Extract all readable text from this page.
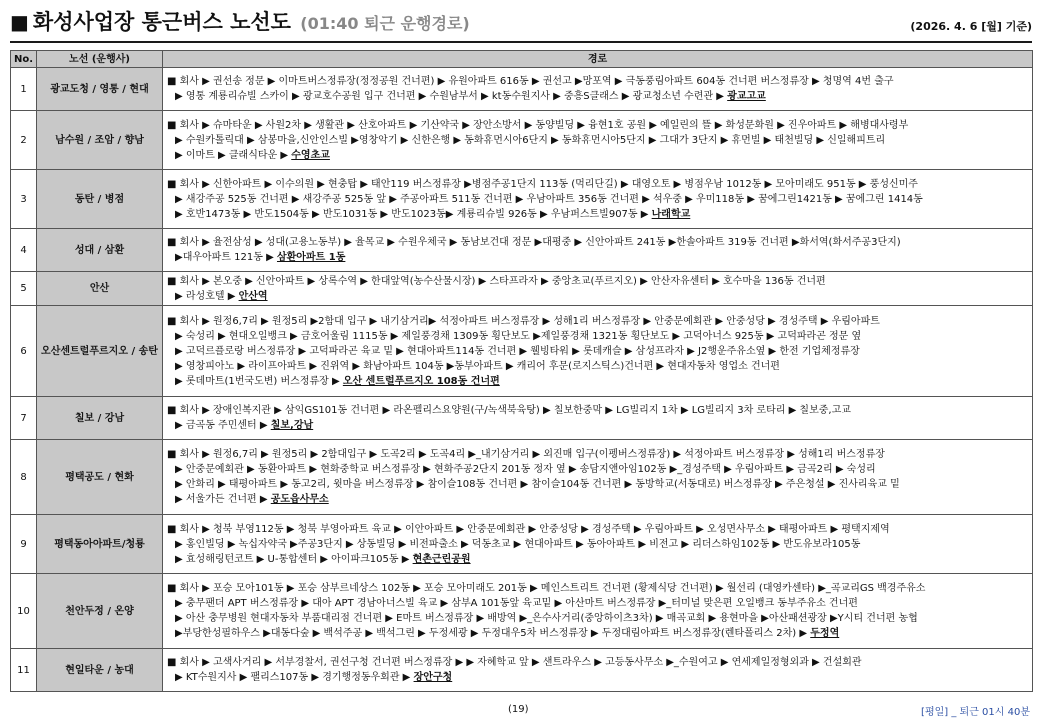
■ 화성사업장 통근버스 노선도 (01:40 퇴근 운행경로)	(2026. 4. 6 [월] 기준)
No.	노선 (운행사)	경로
1	광교도청 / 영통 / 현대	■ 회사 ▶ 권선송 정문 ▶ 이마트버스정류장(정정공원 건너편) ▶ 유원아파트 616동 ▶ 권선고 ▶망포역 ▶ 극동풍림아파트 604동 건너편 버스정류장 ▶ 청명역 4번 출구
▶ 영통 계룡리슈빌 스카이 ▶ 광교호수공원 입구 건너편 ▶ 수원남부서 ▶ kt동수원지사 ▶ 중흥S클래스 ▶ 광교청소년 수련관 ▶ 광교고교

2	남수원 / 조암 / 향남	■ 회사 ▶ 슈마타운 ▶ 사원2차 ▶ 생활관 ▶ 산호아파트 ▶ 기산약국 ▶ 장안소방서 ▶ 동양빌딩 ▶ 융현1호 공원 ▶ 예일린의 뜰 ▶ 화성문화원 ▶ 진우아파트 ▶ 해병대사령부
▶ 수원카톨릭대 ▶ 삼봉마을,신안인스빌 ▶영창악기 ▶ 신한은행 ▶ 동화휴먼시아6단지 ▶ 동화휴먼시아5단지 ▶ 그대가 3단지 ▶ 휴먼빌 ▶ 태천빌딩 ▶ 신일해피트리
▶ 이마트 ▶ 클래식타운 ▶ 수영초교

3	동탄 / 병점	■ 회사 ▶ 신한아파트 ▶ 이수의원 ▶ 현충탑 ▶ 태안119 버스정류장 ▶병점주공1단지 113동 (먹리단길) ▶ 대영오토 ▶ 병점우남 1012동 ▶ 모아미래도 951동 ▶ 풍성신미주
▶ 새강주공 525동 건너편 ▶ 새강주공 525동 앞 ▶ 주공아파트 511동 건너편 ▶ 우남아파트 356동 건너편 ▶ 석우중 ▶ 우미118동 ▶ 꿈에그린1421동 ▶ 꿈에그린 1414동
▶ 호반1473동 ▶ 반도1504동 ▶ 반도1031동 ▶ 반도1023동▶ 계룡리슈빌 926동 ▶ 우남퍼스트빌907동 ▶ 나래학교

4	성대 / 삼환	■ 회사 ▶ 율전삼성 ▶ 성대(고용노동부) ▶ 율목교 ▶ 수원우체국 ▶ 동남보건대 정문 ▶대평중 ▶ 신안아파트 241동 ▶한솔아파트 319동 건너편 ▶화서역(화서주공3단지)
▶대우아파트 121동 ▶ 삼환아파트 1동

5	안산	■ 회사 ▶ 본오중 ▶ 신안아파트 ▶ 상록수역 ▶ 한대앞역(농수산물시장) ▶ 스타프라자 ▶ 중앙초교(푸르지오) ▶ 안산자유센터 ▶ 호수마을 136동 건너편
▶ 라성호텔 ▶ 안산역

6	오산센트럴푸르지오 / 송탄	■ 회사 ▶ 원정6,7리 ▶ 원정5리 ▶2함대 입구 ▶ 내기삼거리▶ 석정아파트 버스정류장 ▶ 성해1리 버스정류장 ▶ 안중문예회관 ▶ 안중성당 ▶ 경성주택 ▶ 우림아파트
▶ 숙성리 ▶ 현대오일뱅크 ▶ 금호어울림 1115동 ▶ 제일풍경채 1309동 횡단보도 ▶제일풍경채 1321동 횡단보도 ▶ 고덕아너스 925동 ▶ 고덕파라곤 정문 옆
▶ 고덕르플로랑 버스정류장 ▶ 고덕파라곤 육교 밑 ▶ 현대아파트114동 건너편 ▶ 웰빙타워 ▶ 롯데캐슬 ▶ 삼성프라자 ▶ J2행운주유소옆 ▶ 한전 기업체정류장
▶ 영창피아노 ▶ 라이프아파트 ▶ 진위역 ▶ 화남아파트 104동 ▶동부아파트 ▶ 캐리어 후문(로지스틱스)건너편 ▶ 현대자동차 영업소 건너편
▶ 롯데마트(1번국도변) 버스정류장 ▶ 오산 센트럴푸르지오 108동 건너편

7	칠보 / 강남	■ 회사 ▶ 장애인복지관 ▶ 삼익GS101동 건너편 ▶ 라온펠리스요양원(구/녹색북육탕) ▶ 칠보한중막 ▶ LG빌리지 1차 ▶ LG빌리지 3차 로타리 ▶ 칠보중,고교
▶ 금곡동 주민센터 ▶ 칠보,강남

8	평택공도 / 현화	■ 회사 ▶ 원정6,7리 ▶ 원정5리 ▶ 2함대입구 ▶ 도곡2리 ▶ 도곡4리 ▶_내기삼거리 ▶ 외진매 입구(이펭버스정류장) ▶ 석정아파트 버스정류장 ▶ 성해1리 버스정류장
▶ 안중문예회관 ▶ 동환아파트 ▶ 현화중학교 버스정류장 ▶ 현화주공2단지 201동 정자 옆 ▶ 송담지앤아임102동 ▶_경성주택 ▶ 우림아파트 ▶ 금곡2리 ▶ 숙성리
▶ 안화리 ▶ 태평아파트 ▶ 동고2리, 윗마을 버스정류장 ▶ 참이슬108동 건너편 ▶ 참이슬104동 건너편 ▶ 동방학교(서동대로) 버스정류장 ▶ 주은청설 ▶ 진사리육교 밑
▶ 서울가든 건너편 ▶ 공도읍사무소

9	평택동아아파트/청룡	■ 회사 ▶ 청북 부영112동 ▶ 청북 부영아파트 육교 ▶ 이안아파트 ▶ 안중문예회관 ▶ 안중성당 ▶ 경성주택 ▶ 우림아파트 ▶ 오성면사무소 ▶ 태평아파트 ▶ 평택지제역
▶ 홍인빌딩 ▶ 녹십자약국 ▶주공3단지 ▶ 상동빌딩 ▶ 비전파출소 ▶ 덕동초교 ▶ 현대아파트 ▶ 동아아파트 ▶ 비전고 ▶ 리더스하임102동 ▶ 반도유보라105동
▶ 효성해링턴코트 ▶ U-통합센터 ▶ 아이파크105동 ▶ 현촌근린공원

10	천안두정 / 온양	■ 회사 ▶ 포승 모아101동 ▶ 포승 삼부르네상스 102동 ▶ 포승 모아미래도 201동 ▶ 메인스트리트 건너편 (황제식당 건너편) ▶ 월선리 (대영카센타) ▶_곡교리GS 백경주유소
▶ 충무팬더 APT 버스정류장 ▶ 대아 APT 경남아너스빌 육교 ▶ 삼부A 101동앞 육교밑 ▶ 아산마트 버스정류장 ▶_터미널 맞은편 오일뱅크 동부주유소 건너편
▶ 아산 충무병원 현대자동차 부품대리점 건너편 ▶ E마트 버스정류장 ▶ 배방역 ▶_은수사거리(중앙하이츠3차) ▶ 매곡교회 ▶ 용현마을 ▶아산패션광장 ▶Y시티 건너편 농협
▶부당한성필하우스 ▶대동다숲 ▶ 백석주공 ▶ 백석그린 ▶ 두정세광 ▶ 두정대우5차 버스정류장 ▶ 두정대림아파트 버스정류장(렌타폴리스 2차) ▶ 두정역

11	현일타운 / 농대	■ 회사 ▶ 고색사거리 ▶ 서부경찰서, 권선구청 건너편 버스정류장 ▶ ▶ 자혜학교 앞 ▶ 샌트라우스 ▶ 고등동사무소 ▶_수원여고 ▶ 연세제일정형외과 ▶ 건설회관
▶ KT수원지사 ▶ 팰리스107동 ▶ 경기행정동우회관 ▶ 장안구청
(19)	[평일] _ 퇴근 01시 40분
